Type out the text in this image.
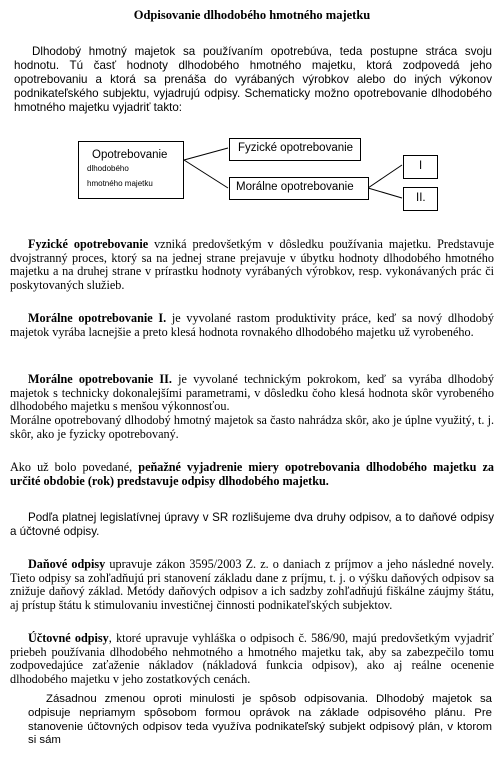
Odpisovanie dlhodobého hmotného majetku

Dlhodobý hmotný majetok sa používaním opotrebúva, teda postupne stráca svoju hodnotu. Tú časť hodnoty dlhodobého hmotného majetku, ktorá zodpovedá jeho opotrebovaniu a ktorá sa prenáša do vyrábaných výrobkov alebo do iných výkonov podnikateľského subjektu, vyjadrujú odpisy. Schematicky možno opotrebovanie dlhodobého hmotného majetku vyjadriť takto:

Opotrebovanie
dlhodobého
hmotného majetku
Fyzické opotrebovanie
Morálne opotrebovanie
I
II.

Fyzické opotrebovanie vzniká predovšetkým v dôsledku používania majetku. Predstavuje dvojstranný proces, ktorý sa na jednej strane prejavuje v úbytku hodnoty dlhodobého hmotného majetku a na druhej strane v prírastku hodnoty vyrábaných výrobkov, resp. vykonávaných prác či poskytovaných služieb.

Morálne opotrebovanie I. je vyvolané rastom produktivity práce, keď sa nový dlhodobý majetok vyrába lacnejšie a preto klesá hodnota rovnakého dlhodobého majetku už vyrobeného.

Morálne opotrebovanie II. je vyvolané technickým pokrokom, keď sa vyrába dlhodobý majetok s technicky dokonalejšími parametrami, v dôsledku čoho klesá hodnota skôr vyrobeného dlhodobého majetku s menšou výkonnosťou.

Morálne opotrebovaný dlhodobý hmotný majetok sa často nahrádza skôr, ako je úplne využitý, t. j. skôr, ako je fyzicky opotrebovaný.

Ako už bolo povedané, peňažné vyjadrenie miery opotrebovania dlhodobého majetku za určité obdobie (rok) predstavuje odpisy dlhodobého majetku.

Podľa platnej legislatívnej úpravy v SR rozlišujeme dva druhy odpisov, a to daňové odpisy a účtovné odpisy.

Daňové odpisy upravuje zákon 3595/2003 Z. z. o daniach z príjmov a jeho následné novely. Tieto odpisy sa zohľadňujú pri stanovení základu dane z príjmu, t. j. o výšku daňových odpisov sa znižuje daňový základ. Metódy daňových odpisov a ich sadzby zohľadňujú fiškálne záujmy štátu, aj prístup štátu k stimulovaniu investičnej činnosti podnikateľských subjektov.

Účtovné odpisy, ktoré upravuje vyhláška o odpisoch č. 586/90, majú predovšetkým vyjadriť priebeh používania dlhodobého nehmotného a hmotného majetku tak, aby sa zabezpečilo tomu zodpovedajúce zaťaženie nákladov (nákladová funkcia odpisov), ako aj reálne ocenenie dlhodobého majetku v jeho zostatkových cenách.

Zásadnou zmenou oproti minulosti je spôsob odpisovania. Dlhodobý majetok sa odpisuje nepriamym spôsobom formou oprávok na základe odpisového plánu. Pre stanovenie účtovných odpisov teda využíva podnikateľský subjekt odpisový plán, v ktorom si sám
